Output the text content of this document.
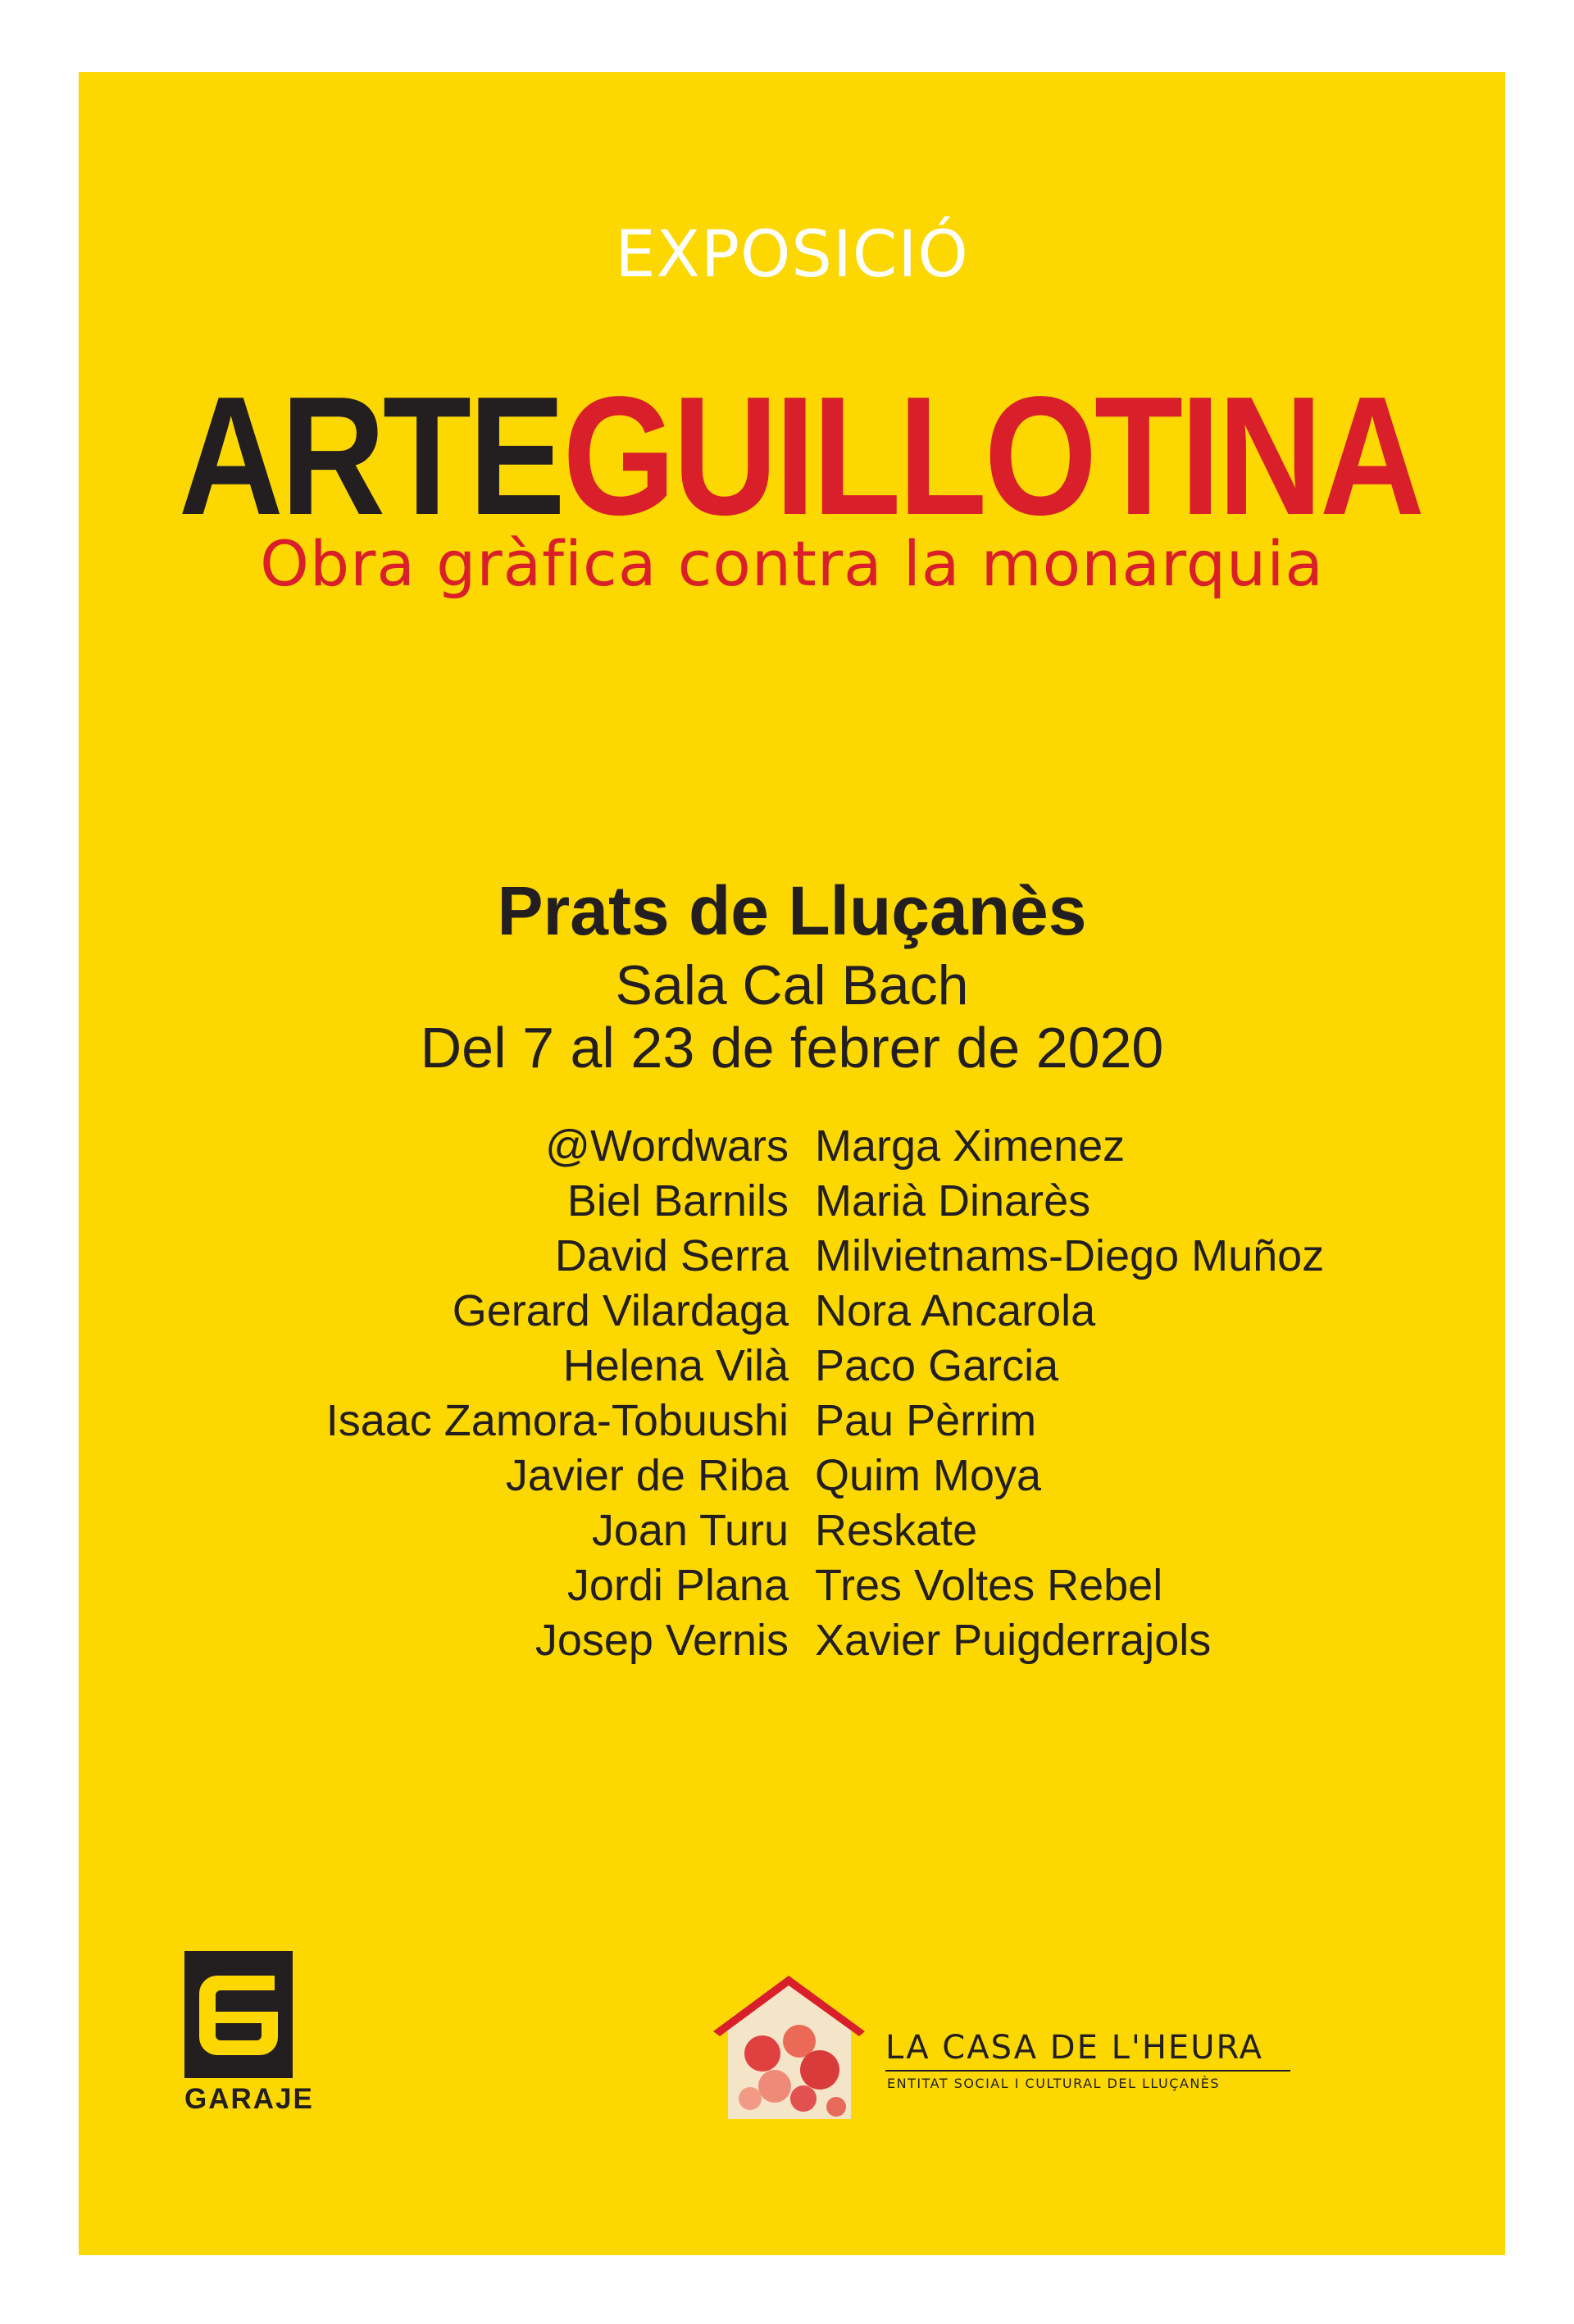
EXPOSICIÓ
ARTEGUILLOTINA
Obra gràfica contra la monarquia
Prats de Lluçanès
Sala Cal Bach
Del 7 al 23 de febrer de 2020
@Wordwars
Biel Barnils
David Serra
Gerard Vilardaga
Helena Vilà
Isaac Zamora-Tobuushi
Javier de Riba
Joan Turu
Jordi Plana
Josep Vernis
Marga Ximenez
Marià Dinarès
Milvietnams-Diego Muñoz
Nora Ancarola
Paco Garcia
Pau Pèrrim
Quim Moya
Reskate
Tres Voltes Rebel
Xavier Puigderrajols
GARAJE
LA CASA DE L'HEURA
ENTITAT SOCIAL I CULTURAL DEL LLUÇANÈS
